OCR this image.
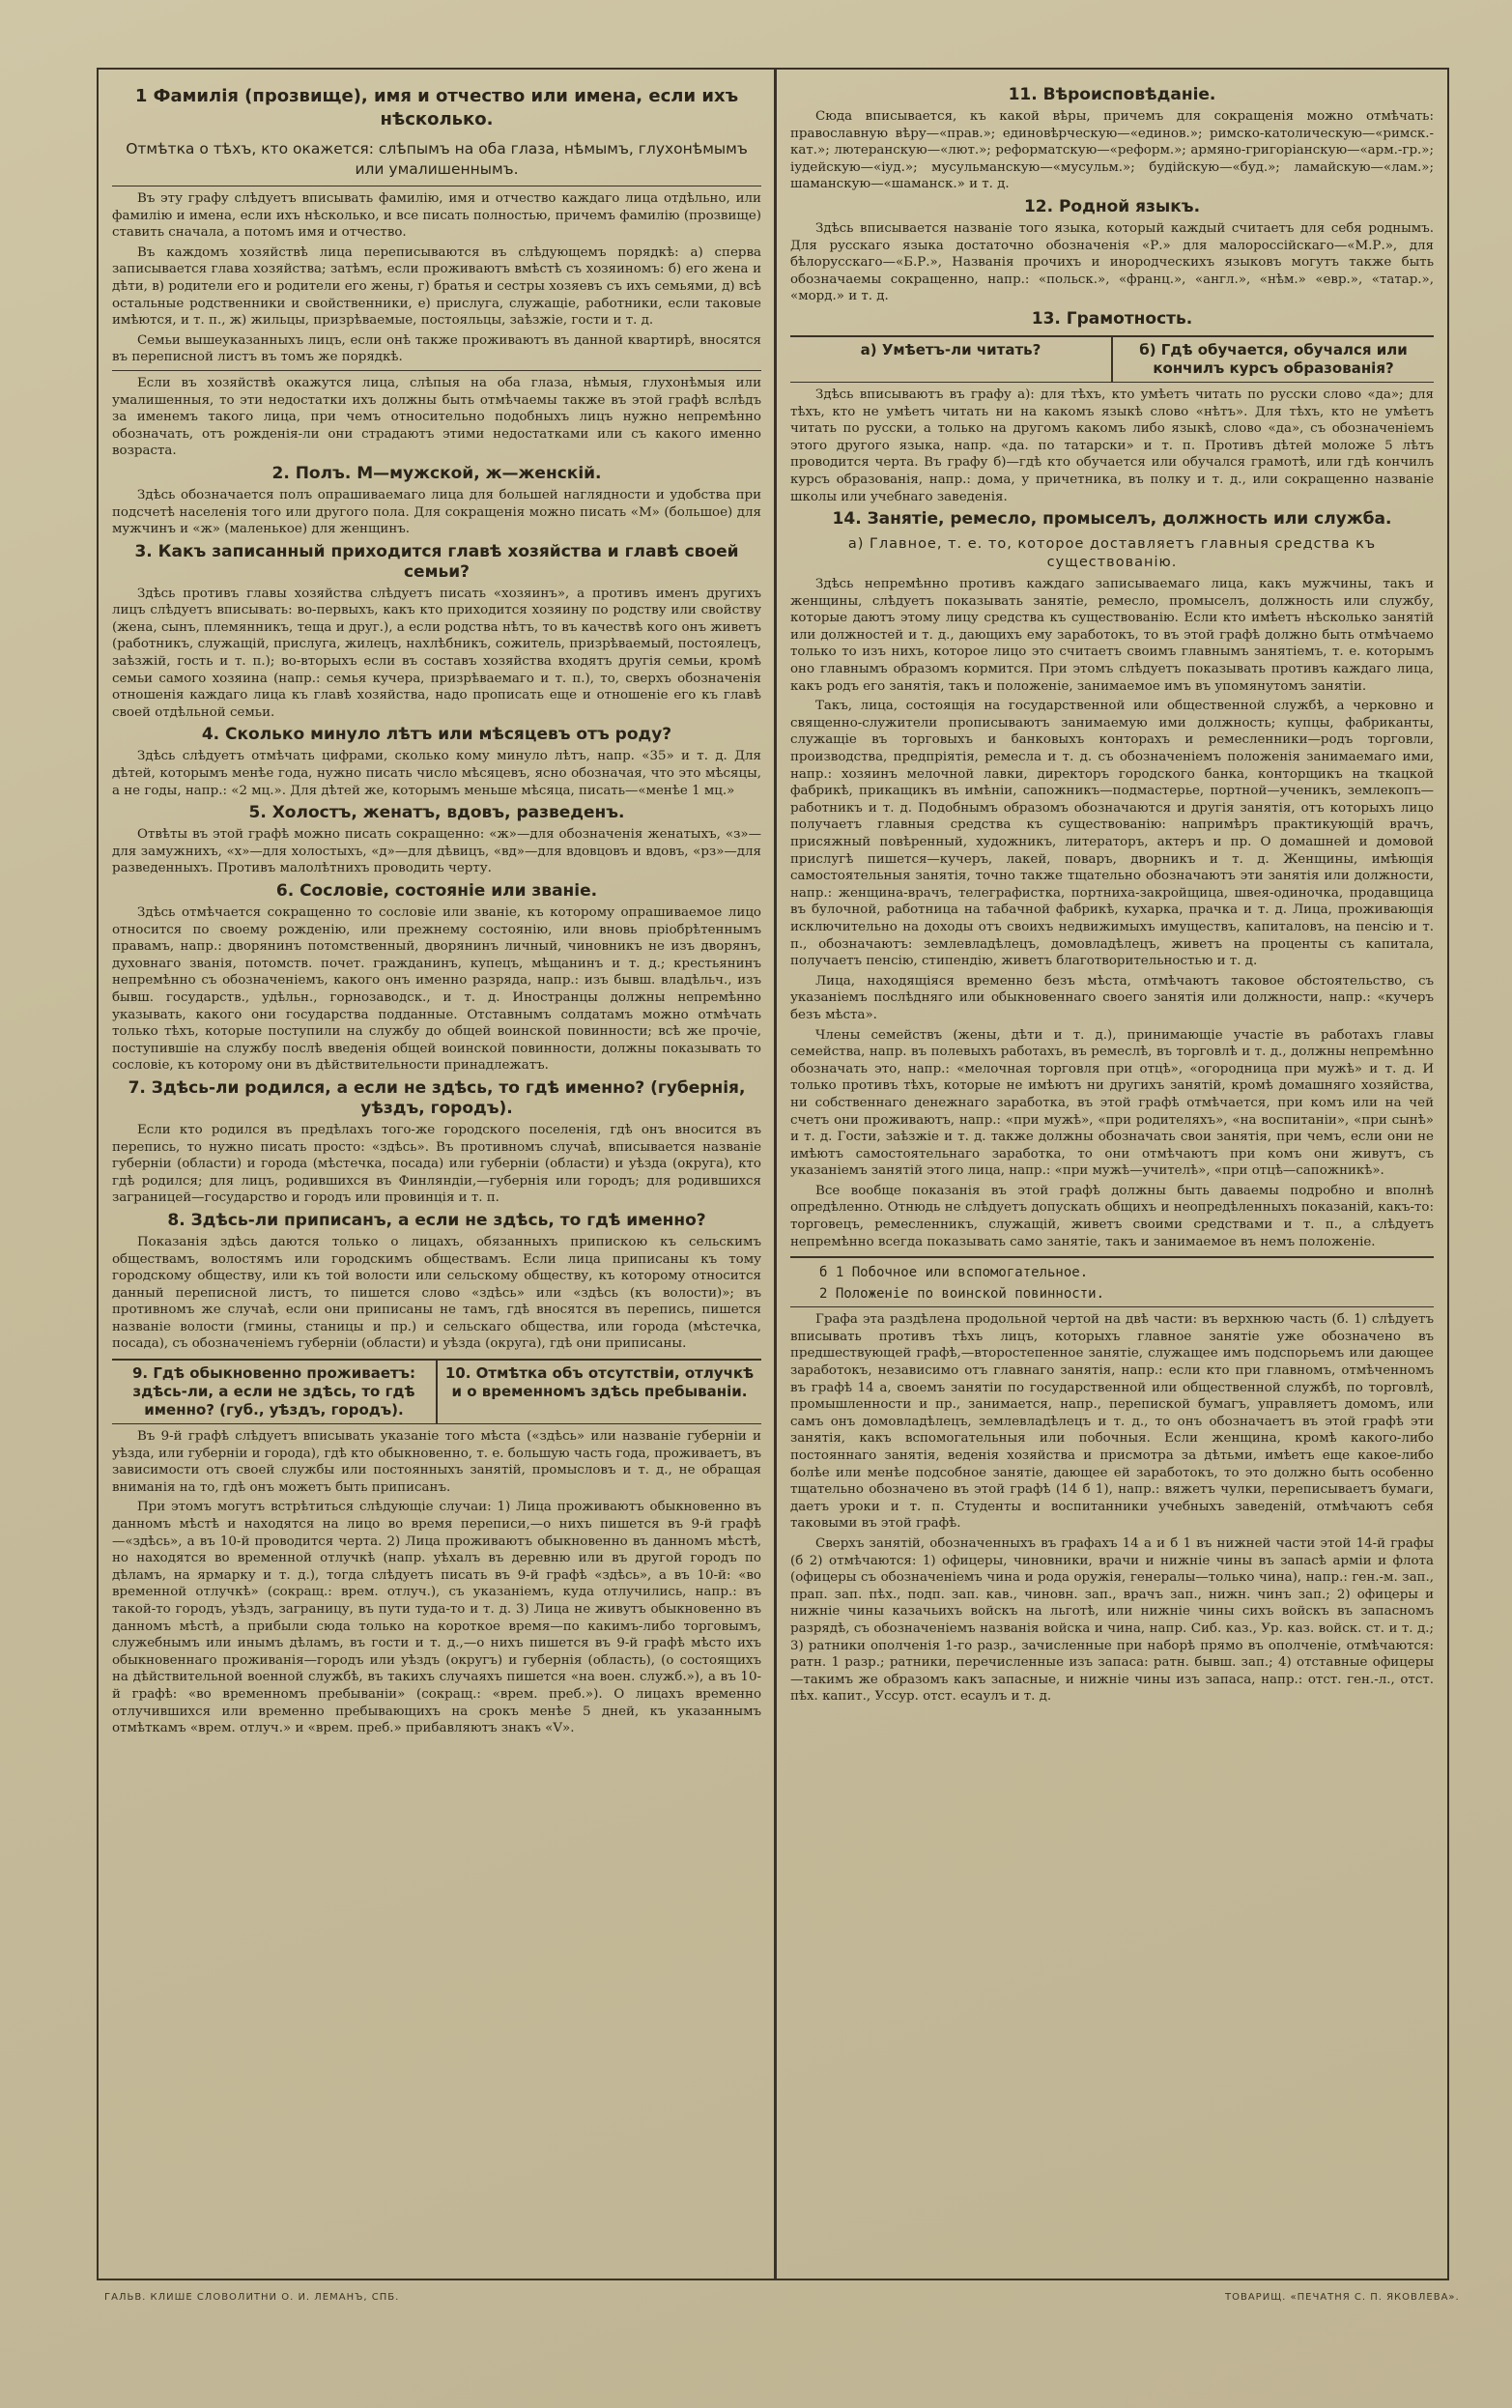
1 Фамилія (прозвище), имя и отчество или имена, если ихъ нѣсколько.
Отмѣтка о тѣхъ, кто окажется: слѣпымъ на оба глаза, нѣмымъ, глухонѣмымъ или умалишеннымъ.

Въ эту графу слѣдуетъ вписывать фамилію, имя и отчество каждаго лица отдѣльно, или фамилію и имена, если ихъ нѣсколько, и все писать полностью, причемъ фамилію (прозвище) ставить сначала, а потомъ имя и отчество.

Въ каждомъ хозяйствѣ лица переписываются въ слѣдующемъ порядкѣ: а) сперва записывается глава хозяйства; затѣмъ, если проживаютъ вмѣстѣ съ хозяиномъ: б) его жена и дѣти, в) родители его и родители его жены, г) братья и сестры хозяевъ съ ихъ семьями, д) всѣ остальные родственники и свойственники, е) прислуга, служащіе, работники, если таковые имѣются, и т. п., ж) жильцы, призрѣваемые, постояльцы, заѣзжіе, гости и т. д.

Семьи вышеуказанныхъ лицъ, если онѣ также проживаютъ въ данной квартирѣ, вносятся въ переписной листъ въ томъ же порядкѣ.

Если въ хозяйствѣ окажутся лица, слѣпыя на оба глаза, нѣмыя, глухонѣмыя или умалишенныя, то эти недостатки ихъ должны быть отмѣчаемы также въ этой графѣ вслѣдъ за именемъ такого лица, при чемъ относительно подобныхъ лицъ нужно непремѣнно обозначать, отъ рожденія-ли они страдаютъ этими недостатками или съ какого именно возраста.

2. Полъ. М—мужской, ж—женскій.

Здѣсь обозначается полъ опрашиваемаго лица для большей наглядности и удобства при подсчетѣ населенія того или другого пола. Для сокращенія можно писать «М» (большое) для мужчинъ и «ж» (маленькое) для женщинъ.

3. Какъ записанный приходится главѣ хозяйства и главѣ своей семьи?

Здѣсь противъ главы хозяйства слѣдуетъ писать «хозяинъ», а противъ именъ другихъ лицъ слѣдуетъ вписывать: во-первыхъ, какъ кто приходится хозяину по родству или свойству (жена, сынъ, племянникъ, теща и друг.), а если родства нѣтъ, то въ качествѣ кого онъ живетъ (работникъ, служащій, прислуга, жилецъ, нахлѣбникъ, сожитель, призрѣваемый, постоялецъ, заѣзжій, гость и т. п.); во-вторыхъ если въ составъ хозяйства входятъ другія семьи, кромѣ семьи самого хозяина (напр.: семья кучера, призрѣваемаго и т. п.), то, сверхъ обозначенія отношенія каждаго лица къ главѣ хозяйства, надо прописать еще и отношеніе его къ главѣ своей отдѣльной семьи.

4. Сколько минуло лѣтъ или мѣсяцевъ отъ роду?

Здѣсь слѣдуетъ отмѣчать цифрами, сколько кому минуло лѣтъ, напр. «35» и т. д. Для дѣтей, которымъ менѣе года, нужно писать число мѣсяцевъ, ясно обозначая, что это мѣсяцы, а не годы, напр.: «2 мц.». Для дѣтей же, которымъ меньше мѣсяца, писать—«менѣе 1 мц.»

5. Холостъ, женатъ, вдовъ, разведенъ.

Отвѣты въ этой графѣ можно писать сокращенно: «ж»—для обозначенія женатыхъ, «з»—для замужнихъ, «х»—для холостыхъ, «д»—для дѣвицъ, «вд»—для вдовцовъ и вдовъ, «рз»—для разведенныхъ. Противъ малолѣтнихъ проводить черту.

6. Сословіе, состояніе или званіе.

Здѣсь отмѣчается сокращенно то сословіе или званіе, къ которому опрашиваемое лицо относится по своему рожденію, или прежнему состоянію, или вновь пріобрѣтеннымъ правамъ, напр.: дворянинъ потомственный, дворянинъ личный, чиновникъ не изъ дворянъ, духовнаго званія, потомств. почет. гражданинъ, купецъ, мѣщанинъ и т. д.; крестьянинъ непремѣнно съ обозначеніемъ, какого онъ именно разряда, напр.: изъ бывш. владѣльч., изъ бывш. государств., удѣльн., горнозаводск., и т. д. Иностранцы должны непремѣнно указывать, какого они государства подданные. Отставнымъ солдатамъ можно отмѣчать только тѣхъ, которые поступили на службу до общей воинской повинности; всѣ же прочіе, поступившіе на службу послѣ введенія общей воинской повинности, должны показывать то сословіе, къ которому они въ дѣйствительности принадлежатъ.

7. Здѣсь-ли родился, а если не здѣсь, то гдѣ именно? (губернія, уѣздъ, городъ).

Если кто родился въ предѣлахъ того-же городского поселенія, гдѣ онъ вносится въ перепись, то нужно писать просто: «здѣсь». Въ противномъ случаѣ, вписывается названіе губерніи (области) и города (мѣстечка, посада) или губерніи (области) и уѣзда (округа), кто гдѣ родился; для лицъ, родившихся въ Финляндіи,—губернія или городъ; для родившихся заграницей—государство и городъ или провинція и т. п.

8. Здѣсь-ли приписанъ, а если не здѣсь, то гдѣ именно?

Показанія здѣсь даются только о лицахъ, обязанныхъ припискою къ сельскимъ обществамъ, волостямъ или городскимъ обществамъ. Если лица приписаны къ тому городскому обществу, или къ той волости или сельскому обществу, къ которому относится данный переписной листъ, то пишется слово «здѣсь» или «здѣсь (къ волости)»; въ противномъ же случаѣ, если они приписаны не тамъ, гдѣ вносятся въ перепись, пишется названіе волости (гмины, станицы и пр.) и сельскаго общества, или города (мѣстечка, посада), съ обозначеніемъ губерніи (области) и уѣзда (округа), гдѣ они приписаны.

9. Гдѣ обыкновенно проживаетъ: здѣсь-ли, а если не здѣсь, то гдѣ именно? (губ., уѣздъ, городъ).
10. Отмѣтка объ отсутствіи, отлучкѣ и о временномъ здѣсь пребываніи.

Въ 9-й графѣ слѣдуетъ вписывать указаніе того мѣста («здѣсь» или названіе губерніи и уѣзда, или губерніи и города), гдѣ кто обыкновенно, т. е. большую часть года, проживаетъ, въ зависимости отъ своей службы или постоянныхъ занятій, промысловъ и т. д., не обращая вниманія на то, гдѣ онъ можетъ быть приписанъ.

При этомъ могутъ встрѣтиться слѣдующіе случаи: 1) Лица проживаютъ обыкновенно въ данномъ мѣстѣ и находятся на лицо во время переписи,—о нихъ пишется въ 9-й графѣ—«здѣсь», а въ 10-й проводится черта. 2) Лица проживаютъ обыкновенно въ данномъ мѣстѣ, но находятся во временной отлучкѣ (напр. уѣхалъ въ деревню или въ другой городъ по дѣламъ, на ярмарку и т. д.), тогда слѣдуетъ писать въ 9-й графѣ «здѣсь», а въ 10-й: «во временной отлучкѣ» (сокращ.: врем. отлуч.), съ указаніемъ, куда отлучились, напр.: въ такой-то городъ, уѣздъ, заграницу, въ пути туда-то и т. д. 3) Лица не живутъ обыкновенно въ данномъ мѣстѣ, а прибыли сюда только на короткое время—по какимъ-либо торговымъ, служебнымъ или инымъ дѣламъ, въ гости и т. д.,—о нихъ пишется въ 9-й графѣ мѣсто ихъ обыкновеннаго проживанія—городъ или уѣздъ (округъ) и губернія (область), (о состоящихъ на дѣйствительной военной службѣ, въ такихъ случаяхъ пишется «на воен. служб.»), а въ 10-й графѣ: «во временномъ пребываніи» (сокращ.: «врем. преб.»). О лицахъ временно отлучившихся или временно пребывающихъ на срокъ менѣе 5 дней, къ указаннымъ отмѣткамъ «врем. отлуч.» и «врем. преб.» прибавляютъ знакъ «V».

11. Вѣроисповѣданіе.

Сюда вписывается, къ какой вѣры, причемъ для сокращенія можно отмѣчать: православную вѣру—«прав.»; единовѣрческую—«единов.»; римско-католическую—«римск.-кат.»; лютеранскую—«лют.»; реформатскую—«реформ.»; армяно-григоріанскую—«арм.-гр.»; іудейскую—«іуд.»; мусульманскую—«мусульм.»; будійскую—«буд.»; ламайскую—«лам.»; шаманскую—«шаманск.» и т. д.

12. Родной языкъ.

Здѣсь вписывается названіе того языка, который каждый считаетъ для себя роднымъ. Для русскаго языка достаточно обозначенія «Р.» для малороссійскаго—«М.Р.», для бѣлорусскаго—«Б.Р.», Названія прочихъ и инородческихъ языковъ могутъ также быть обозначаемы сокращенно, напр.: «польск.», «франц.», «англ.», «нѣм.» «евр.», «татар.», «морд.» и т. д.

13. Грамотность.
а) Умѣетъ-ли читать?	б) Гдѣ обучается, обучался или кончилъ курсъ образованія?

Здѣсь вписываютъ въ графу а): для тѣхъ, кто умѣетъ читать по русски слово «да»; для тѣхъ, кто не умѣетъ читать ни на какомъ языкѣ слово «нѣтъ». Для тѣхъ, кто не умѣетъ читать по русски, а только на другомъ какомъ либо языкѣ, слово «да», съ обозначеніемъ этого другого языка, напр. «да. по татарски» и т. п. Противъ дѣтей моложе 5 лѣтъ проводится черта. Въ графу б)—гдѣ кто обучается или обучался грамотѣ, или гдѣ кончилъ курсъ образованія, напр.: дома, у причетника, въ полку и т. д., или сокращенно названіе школы или учебнаго заведенія.

14. Занятіе, ремесло, промыселъ, должность или служба.
а) Главное, т. е. то, которое доставляетъ главныя средства къ существованію.

Здѣсь непремѣнно противъ каждаго записываемаго лица, какъ мужчины, такъ и женщины, слѣдуетъ показывать занятіе, ремесло, промыселъ, должность или службу, которые даютъ этому лицу средства къ существованію. Если кто имѣетъ нѣсколько занятій или должностей и т. д., дающихъ ему заработокъ, то въ этой графѣ должно быть отмѣчаемо только то изъ нихъ, которое лицо это считаетъ своимъ главнымъ занятіемъ, т. е. которымъ оно главнымъ образомъ кормится. При этомъ слѣдуетъ показывать противъ каждаго лица, какъ родъ его занятія, такъ и положеніе, занимаемое имъ въ упомянутомъ занятіи.

Такъ, лица, состоящія на государственной или общественной службѣ, а черковно и священно-служители прописываютъ занимаемую ими должность; купцы, фабриканты, служащіе въ торговыхъ и банковыхъ конторахъ и ремесленники—родъ торговли, производства, предпріятія, ремесла и т. д. съ обозначеніемъ положенія занимаемаго ими, напр.: хозяинъ мелочной лавки, директоръ городского банка, конторщикъ на ткацкой фабрикѣ, прикащикъ въ имѣніи, сапожникъ—подмастерье, портной—ученикъ, землекопъ—работникъ и т. д. Подобнымъ образомъ обозначаются и другія занятія, отъ которыхъ лицо получаетъ главныя средства къ существованію: напримѣръ практикующій врачъ, присяжный повѣренный, художникъ, литераторъ, актеръ и пр. О домашней и домовой прислугѣ пишется—кучеръ, лакей, поваръ, дворникъ и т. д. Женщины, имѣющія самостоятельныя занятія, точно также тщательно обозначаютъ эти занятія или должности, напр.: женщина-врачъ, телеграфистка, портниха-закройщица, швея-одиночка, продавщица въ булочной, работница на табачной фабрикѣ, кухарка, прачка и т. д. Лица, проживающія исключительно на доходы отъ своихъ недвижимыхъ имуществъ, капиталовъ, на пенсію и т. п., обозначаютъ: землевладѣлецъ, домовладѣлецъ, живетъ на проценты съ капитала, получаетъ пенсію, стипендію, живетъ благотворительностью и т. д.

Лица, находящіяся временно безъ мѣста, отмѣчаютъ таковое обстоятельство, съ указаніемъ послѣдняго или обыкновеннаго своего занятія или должности, напр.: «кучеръ безъ мѣста».

Члены семействъ (жены, дѣти и т. д.), принимающіе участіе въ работахъ главы семейства, напр. въ полевыхъ работахъ, въ ремеслѣ, въ торговлѣ и т. д., должны непремѣнно обозначать это, напр.: «мелочная торговля при отцѣ», «огородница при мужѣ» и т. д. И только противъ тѣхъ, которые не имѣютъ ни другихъ занятій, кромѣ домашняго хозяйства, ни собственнаго денежнаго заработка, въ этой графѣ отмѣчается, при комъ или на чей счетъ они проживаютъ, напр.: «при мужѣ», «при родителяхъ», «на воспитаніи», «при сынѣ» и т. д. Гости, заѣзжіе и т. д. также должны обозначать свои занятія, при чемъ, если они не имѣютъ самостоятельнаго заработка, то они отмѣчаютъ при комъ они живутъ, съ указаніемъ занятій этого лица, напр.: «при мужѣ—учителѣ», «при отцѣ—сапожникѣ».

Все вообще показанія въ этой графѣ должны быть даваемы подробно и вполнѣ опредѣленно. Отнюдь не слѣдуетъ допускать общихъ и неопредѣленныхъ показаній, какъ-то: торговецъ, ремесленникъ, служащій, живетъ своими средствами и т. п., а слѣдуетъ непремѣнно всегда показывать само занятіе, такъ и занимаемое въ немъ положеніе.

б 1 Побочное или вспомогательное.
2 Положеніе по воинской повинности.

Графа эта раздѣлена продольной чертой на двѣ части: въ верхнюю часть (б. 1) слѣдуетъ вписывать противъ тѣхъ лицъ, которыхъ главное занятіе уже обозначено въ предшествующей графѣ,—второстепенное занятіе, служащее имъ подспорьемъ или дающее заработокъ, независимо отъ главнаго занятія, напр.: если кто при главномъ, отмѣченномъ въ графѣ 14 а, своемъ занятіи по государственной или общественной службѣ, по торговлѣ, промышленности и пр., занимается, напр., перепиской бумагъ, управляетъ домомъ, или самъ онъ домовладѣлецъ, землевладѣлецъ и т. д., то онъ обозначаетъ въ этой графѣ эти занятія, какъ вспомогательныя или побочныя. Если женщина, кромѣ какого-либо постояннаго занятія, веденія хозяйства и присмотра за дѣтьми, имѣетъ еще какое-либо болѣе или менѣе подсобное занятіе, дающее ей заработокъ, то это должно быть особенно тщательно обозначено въ этой графѣ (14 б 1), напр.: вяжетъ чулки, переписываетъ бумаги, даетъ уроки и т. п. Студенты и воспитанники учебныхъ заведеній, отмѣчаютъ себя таковыми въ этой графѣ.

Сверхъ занятій, обозначенныхъ въ графахъ 14 а и б 1 въ нижней части этой 14-й графы (б 2) отмѣчаются: 1) офицеры, чиновники, врачи и нижніе чины въ запасѣ арміи и флота (офицеры съ обозначеніемъ чина и рода оружія, генералы—только чина), напр.: ген.-м. зап., прап. зап. пѣх., подп. зап. кав., чиновн. зап., врачъ зап., нижн. чинъ зап.; 2) офицеры и нижніе чины казачьихъ войскъ на льготѣ, или нижніе чины сихъ войскъ въ запасномъ разрядѣ, съ обозначеніемъ названія войска и чина, напр. Сиб. каз., Ур. каз. войск. ст. и т. д.; 3) ратники ополченія 1-го разр., зачисленные при наборѣ прямо въ ополченіе, отмѣчаются: ратн. 1 разр.; ратники, перечисленные изъ запаса: ратн. бывш. зап.; 4) отставные офицеры—такимъ же образомъ какъ запасные, и нижніе чины изъ запаса, напр.: отст. ген.-л., отст. пѣх. капит., Уссур. отст. есаулъ и т. д.

ГАЛЬВ. КЛИШЕ СЛОВОЛИТНИ О. И. ЛЕМАНЪ, СПБ.	ТОВАРИЩ. «ПЕЧАТНЯ С. П. ЯКОВЛЕВА».
